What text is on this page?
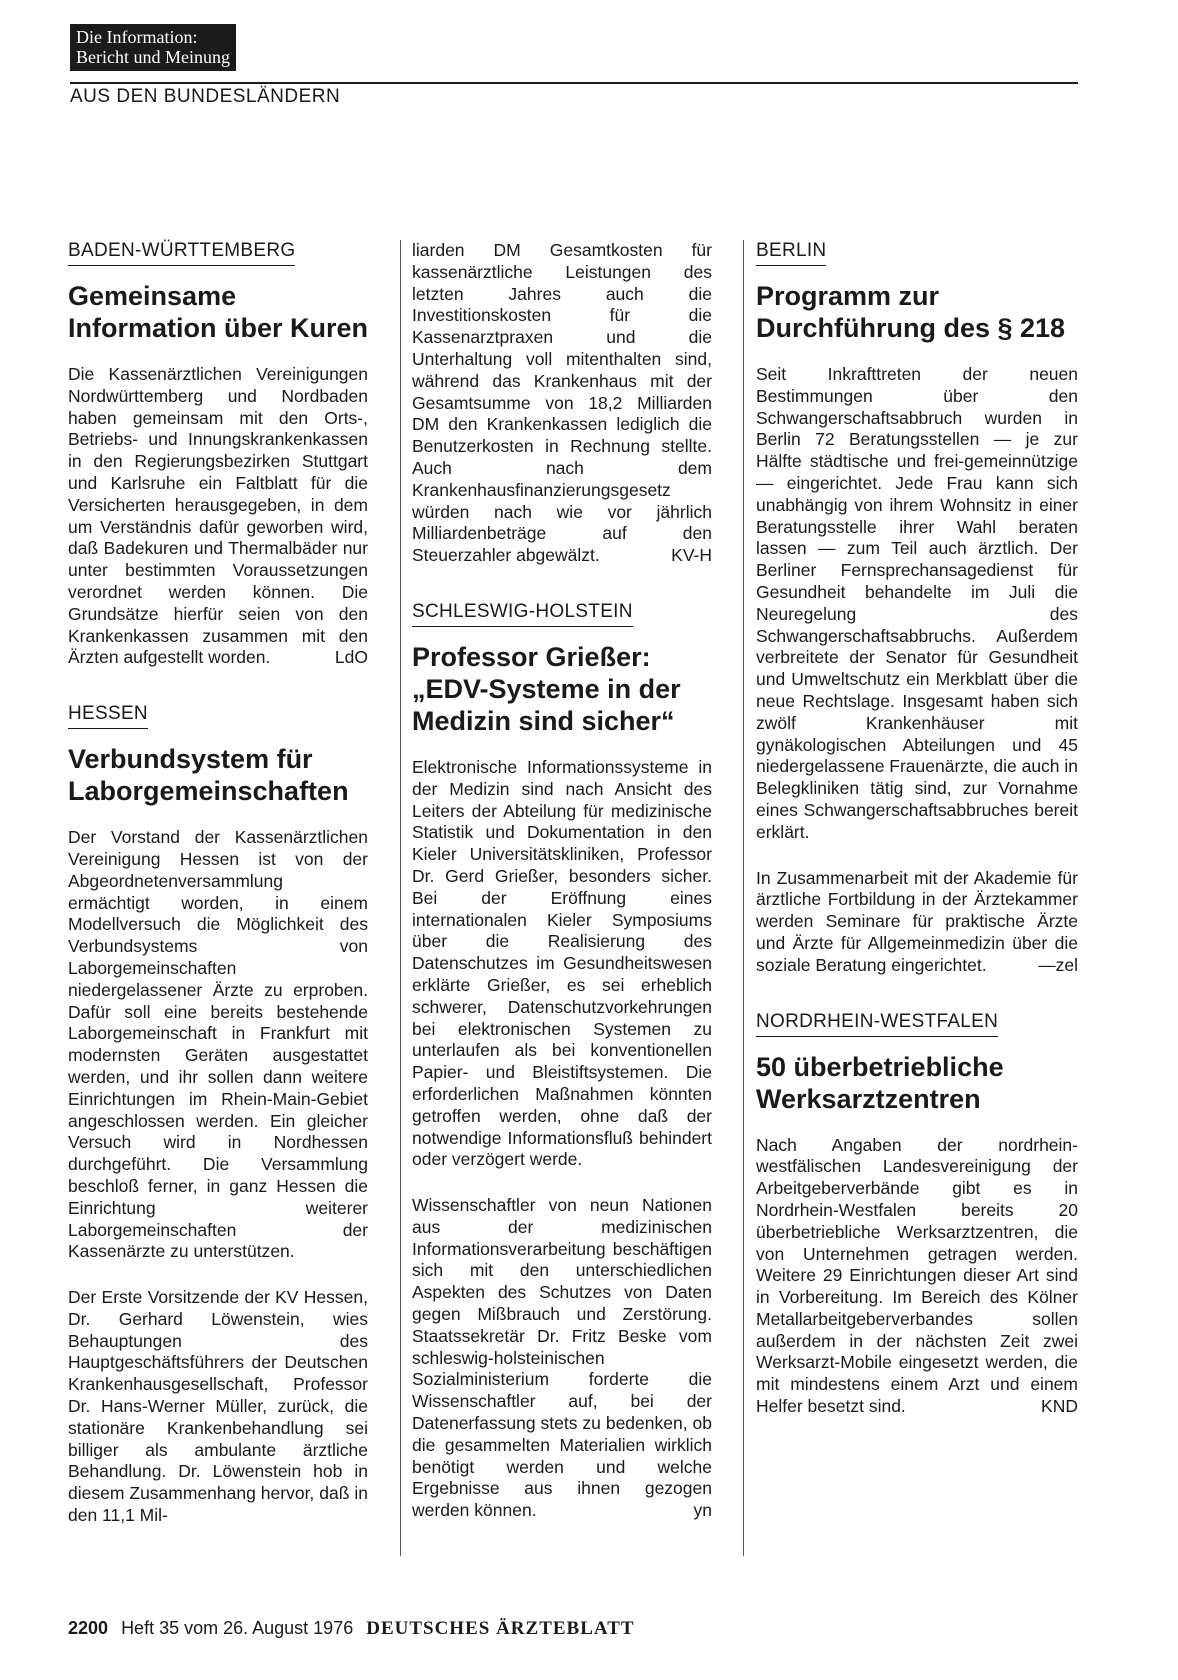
Die Information:
Bericht und Meinung
AUS DEN BUNDESLÄNDERN
BADEN-WÜRTTEMBERG
Gemeinsame Information über Kuren

Die Kassenärztlichen Vereinigungen Nordwürttemberg und Nordbaden haben gemeinsam mit den Orts-, Betriebs- und Innungskrankenkassen in den Regierungsbezirken Stuttgart und Karlsruhe ein Faltblatt für die Versicherten herausgegeben, in dem um Verständnis dafür geworben wird, daß Badekuren und Thermalbäder nur unter bestimmten Voraussetzungen verordnet werden können. Die Grundsätze hierfür seien von den Krankenkassen zusammen mit den Ärzten aufgestellt worden.	LdO

HESSEN
Verbundsystem für Laborgemeinschaften

Der Vorstand der Kassenärztlichen Vereinigung Hessen ist von der Abgeordnetenversammlung ermächtigt worden, in einem Modellversuch die Möglichkeit des Verbundsystems von Laborgemeinschaften niedergelassener Ärzte zu erproben. Dafür soll eine bereits bestehende Laborgemeinschaft in Frankfurt mit modernsten Geräten ausgestattet werden, und ihr sollen dann weitere Einrichtungen im Rhein-Main-Gebiet angeschlossen werden. Ein gleicher Versuch wird in Nordhessen durchgeführt. Die Versammlung beschloß ferner, in ganz Hessen die Einrichtung weiterer Laborgemeinschaften der Kassenärzte zu unterstützen.

Der Erste Vorsitzende der KV Hessen, Dr. Gerhard Löwenstein, wies Behauptungen des Hauptgeschäftsführers der Deutschen Krankenhausgesellschaft, Professor Dr. Hans-Werner Müller, zurück, die stationäre Krankenbehandlung sei billiger als ambulante ärztliche Behandlung. Dr. Löwenstein hob in diesem Zusammenhang hervor, daß in den 11,1 Mil-

liarden DM Gesamtkosten für kassenärztliche Leistungen des letzten Jahres auch die Investitionskosten für die Kassenarztpraxen und die Unterhaltung voll mitenthalten sind, während das Krankenhaus mit der Gesamtsumme von 18,2 Milliarden DM den Krankenkassen lediglich die Benutzerkosten in Rechnung stellte. Auch nach dem Krankenhausfinanzierungsgesetz würden nach wie vor jährlich Milliardenbeträge auf den Steuerzahler abgewälzt.	KV-H

SCHLESWIG-HOLSTEIN
Professor Grießer: „EDV-Systeme in der Medizin sind sicher“

Elektronische Informationssysteme in der Medizin sind nach Ansicht des Leiters der Abteilung für medizinische Statistik und Dokumentation in den Kieler Universitätskliniken, Professor Dr. Gerd Grießer, besonders sicher. Bei der Eröffnung eines internationalen Kieler Symposiums über die Realisierung des Datenschutzes im Gesundheitswesen erklärte Grießer, es sei erheblich schwerer, Datenschutzvorkehrungen bei elektronischen Systemen zu unterlaufen als bei konventionellen Papier- und Bleistiftsystemen. Die erforderlichen Maßnahmen könnten getroffen werden, ohne daß der notwendige Informationsfluß behindert oder verzögert werde.

Wissenschaftler von neun Nationen aus der medizinischen Informationsverarbeitung beschäftigen sich mit den unterschiedlichen Aspekten des Schutzes von Daten gegen Mißbrauch und Zerstörung. Staatssekretär Dr. Fritz Beske vom schleswig-holsteinischen Sozialministerium forderte die Wissenschaftler auf, bei der Datenerfassung stets zu bedenken, ob die gesammelten Materialien wirklich benötigt werden und welche Ergebnisse aus ihnen gezogen werden können.	yn

BERLIN
Programm zur Durchführung des § 218

Seit Inkrafttreten der neuen Bestimmungen über den Schwangerschaftsabbruch wurden in Berlin 72 Beratungsstellen — je zur Hälfte städtische und frei-gemeinnützige — eingerichtet. Jede Frau kann sich unabhängig von ihrem Wohnsitz in einer Beratungsstelle ihrer Wahl beraten lassen — zum Teil auch ärztlich. Der Berliner Fernsprechansagedienst für Gesundheit behandelte im Juli die Neuregelung des Schwangerschaftsabbruchs. Außerdem verbreitete der Senator für Gesundheit und Umweltschutz ein Merkblatt über die neue Rechtslage. Insgesamt haben sich zwölf Krankenhäuser mit gynäkologischen Abteilungen und 45 niedergelassene Frauenärzte, die auch in Belegkliniken tätig sind, zur Vornahme eines Schwangerschaftsabbruches bereit erklärt.

In Zusammenarbeit mit der Akademie für ärztliche Fortbildung in der Ärztekammer werden Seminare für praktische Ärzte und Ärzte für Allgemeinmedizin über die soziale Beratung eingerichtet.	—zel

NORDRHEIN-WESTFALEN
50 überbetriebliche Werksarztzentren

Nach Angaben der nordrhein-westfälischen Landesvereinigung der Arbeitgeberverbände gibt es in Nordrhein-Westfalen bereits 20 überbetriebliche Werksarztzentren, die von Unternehmen getragen werden. Weitere 29 Einrichtungen dieser Art sind in Vorbereitung. Im Bereich des Kölner Metallarbeitgeberverbandes sollen außerdem in der nächsten Zeit zwei Werksarzt-Mobile eingesetzt werden, die mit mindestens einem Arzt und einem Helfer besetzt sind.	KND

2200 Heft 35 vom 26. August 1976 DEUTSCHES ÄRZTEBLATT
